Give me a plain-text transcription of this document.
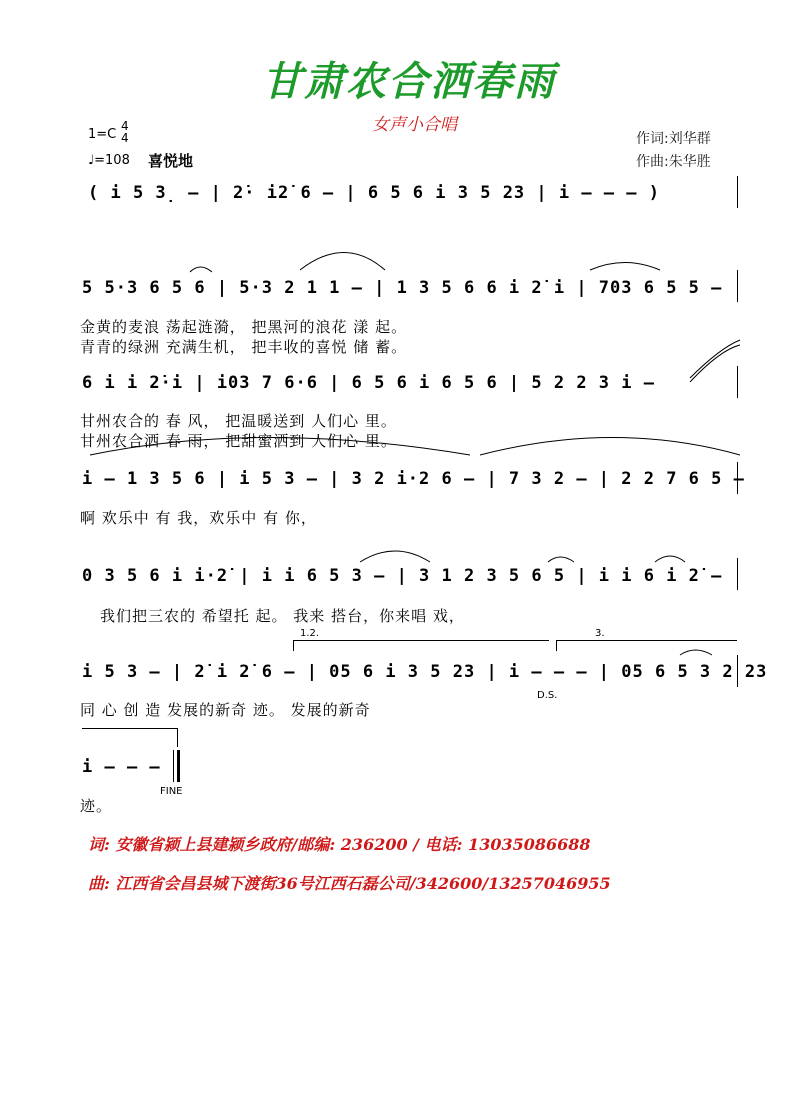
甘肃农合洒春雨
女声小合唱
1=C
4
4
♩=108 喜悦地
作词:刘华群
作曲:朱华胜
( i 5 3̣ – | 2̇· i2̇ 6 – | 6 5 6 i 3 5 23 | i – – – )
5 5·3 6 5 6 | 5·3 2 1 1 – | 1 3 5 6 6 i 2̇ i | 703 6 5 5 –
金黄的麦浪 荡起涟漪， 把黑河的浪花 漾 起。
青青的绿洲 充满生机， 把丰收的喜悦 储 蓄。
6 i i 2̇·i | i03 7 6·6 | 6 5 6 i 6 5 6 | 5 2 2 3 i –
甘州农合的 春 风， 把温暖送到 人们心 里。
甘州农合洒 春 雨， 把甜蜜洒到 人们心 里。
i – 1 3 5 6 | i 5 3 – | 3 2 i·2 6 – | 7 3 2 – | 2 2 7 6 5 –
啊 欢乐中 有 我，欢乐中 有 你，
0 3 5 6 i i·2̇ | i i 6 5 3 – | 3 1 2 3 5 6 5 | i i 6 i 2̇ –
我们把三农的 希望托 起。 我来 搭台，你来唱 戏，
1.2.	3.
i 5 3 – | 2̇ i 2̇ 6 – | 05 6 i 3 5 23 | i – – – | 05 6 5 3 2 23
D.S.
同 心 创 造 发展的新奇 迹。 发展的新奇
i – – –
FINE
迹。
词: 安徽省颍上县建颍乡政府/邮编: 236200 / 电话: 13035086688
曲: 江西省会昌县城下渡街36号江西石磊公司/342600/13257046955
